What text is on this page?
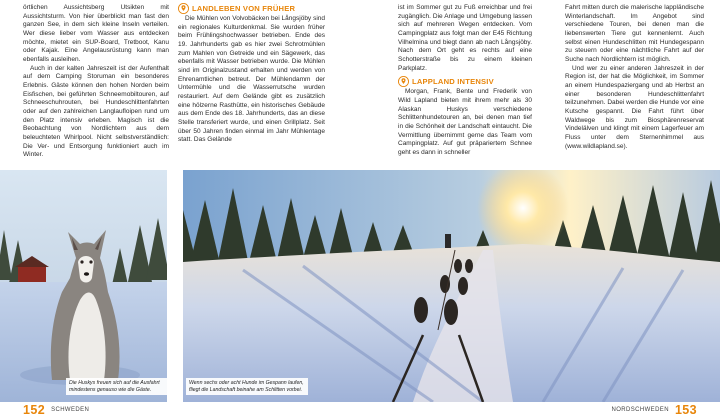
örtlichen Aussichtsberg Utsikten mit Aussichtsturm. Von hier überblickt man fast den ganzen See, in dem sich kleine Inseln verteilen. Wer diese lieber vom Wasser aus entdecken möchte, mietet ein SUP-Board, Tretboot, Kanu oder Kajak. Eine Angelausrüstung kann man ebenfalls ausleihen.

Auch in der kalten Jahreszeit ist der Aufenthalt auf dem Camping Storuman ein besonderes Erlebnis. Gäste können den hohen Norden beim Eisfischen, bei geführten Schneemobiltouren, auf Schneeschuhrouten, bei Hundeschlittenfahrten oder auf den zahlreichen Langlaufloipen rund um den Platz intensiv erleben. Magisch ist die Beobachtung von Nordlichtern aus dem beleuchteten Whirlpool. Nicht selbstverständlich: Die Ver- und Entsorgung funktioniert auch im Winter.

LANDLEBEN VON FRÜHER

Die Mühlen von Volvobäcken bei Långsjöby sind ein regionales Kulturdenkmal. Sie wurden früher beim Frühlingshochwasser betrieben. Ende des 19. Jahrhunderts gab es hier zwei Schrotmühlen zum Mahlen von Getreide und ein Sägewerk, das ebenfalls mit Wasser betrieben wurde. Die Mühlen sind im Originalzustand erhalten und werden von Ehrenamtlichen betreut. Der Mühlendamm der Untermühle und die Wasserrutsche wurden restauriert. Auf dem Gelände gibt es zusätzlich eine hölzerne Rasthütte, ein historisches Gebäude aus dem Ende des 18. Jahrhunderts, das an diese Stelle transferiert wurde, und einen Grillplatz. Seit über 50 Jahren finden einmal im Jahr Mühlentage statt. Das Gelände

ist im Sommer gut zu Fuß erreichbar und frei zugänglich. Die Anlage und Umgebung lassen sich auf mehreren Wegen entdecken. Vom Campingplatz aus folgt man der E45 Richtung Vilhelmina und biegt dann ab nach Långsjöby. Nach dem Ort geht es rechts auf eine Schotterstraße bis zu einem kleinen Parkplatz.

LAPPLAND INTENSIV

Morgan, Frank, Bente und Frederik von Wild Lapland bieten mit ihrem mehr als 30 Alaskan Huskys verschiedene Schlittenhundetouren an, bei denen man tief in die Schönheit der Landschaft eintaucht. Die Vermittlung übernimmt gerne das Team vom Campingplatz. Auf gut präpariertem Schnee geht es dann in schneller

Fahrt mitten durch die malerische lappländische Winterlandschaft. Im Angebot sind verschiedene Touren, bei denen man die liebenswerten Tiere gut kennenlernt. Auch selbst einen Hundeschlitten mit Hundegespann zu steuern oder eine nächtliche Fahrt auf der Suche nach Nordlichtern ist möglich.

Und wer zu einer anderen Jahreszeit in der Region ist, der hat die Möglichkeit, im Sommer an einem Hundespaziergang und ab Herbst an einer besonderen Hundeschlittenfahrt teilzunehmen. Dabei werden die Hunde vor eine Kutsche gespannt. Die Fahrt führt über Waldwege bis zum Biosphärenreservat Vindelälven und klingt mit einem Lagerfeuer am Fluss unter dem Sternenhimmel aus (www.wildlapland.se).

Die Huskys freuen sich auf die Ausfahrt mindestens genauso wie die Gäste.
Wenn sechs oder acht Hunde im Gespann laufen, fliegt die Landschaft beinahe am Schlitten vorbei.
152 SCHWEDEN	NORDSCHWEDEN 153
